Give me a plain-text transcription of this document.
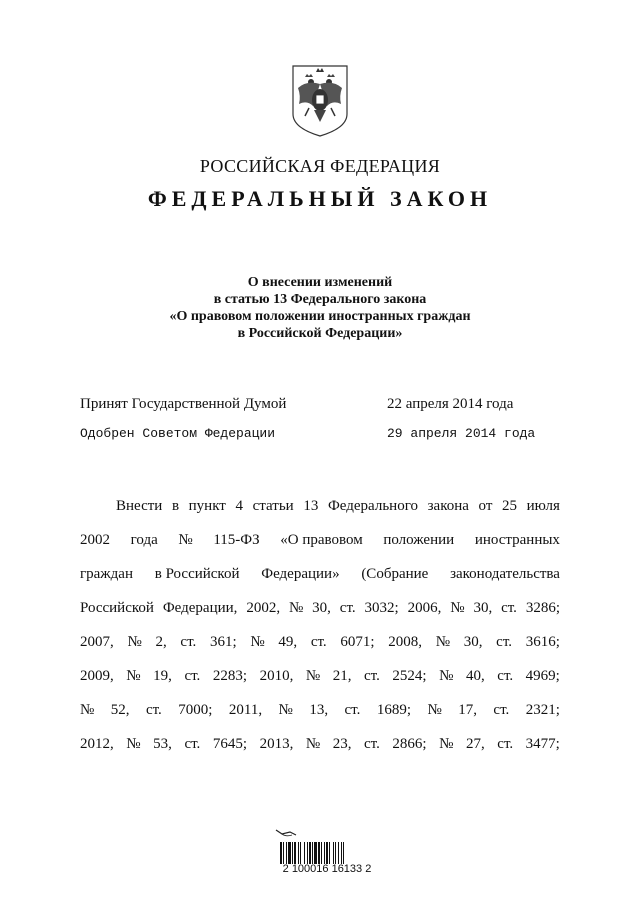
РОССИЙСКАЯ ФЕДЕРАЦИЯ
ФЕДЕРАЛЬНЫЙ ЗАКОН
О внесении изменений
в статью 13 Федерального закона
«О правовом положении иностранных граждан
в Российской Федерации»
Принят Государственной Думой	22 апреля 2014 года
Одобрен Советом Федерации	29 апреля 2014 года
Внести в пункт 4 статьи 13 Федерального закона от 25 июля
2002 года № 115-ФЗ «О правовом положении иностранных
граждан в Российской Федерации» (Собрание законодательства
Российской Федерации, 2002, № 30, ст. 3032; 2006, № 30, ст. 3286;
2007, № 2, ст. 361; № 49, ст. 6071; 2008, № 30, ст. 3616;
2009, № 19, ст. 2283; 2010, № 21, ст. 2524; № 40, ст. 4969;
№ 52, ст. 7000; 2011, № 13, ст. 1689; № 17, ст. 2321;
2012, № 53, ст. 7645; 2013, № 23, ст. 2866; № 27, ст. 3477;
2 100016 16133 2
